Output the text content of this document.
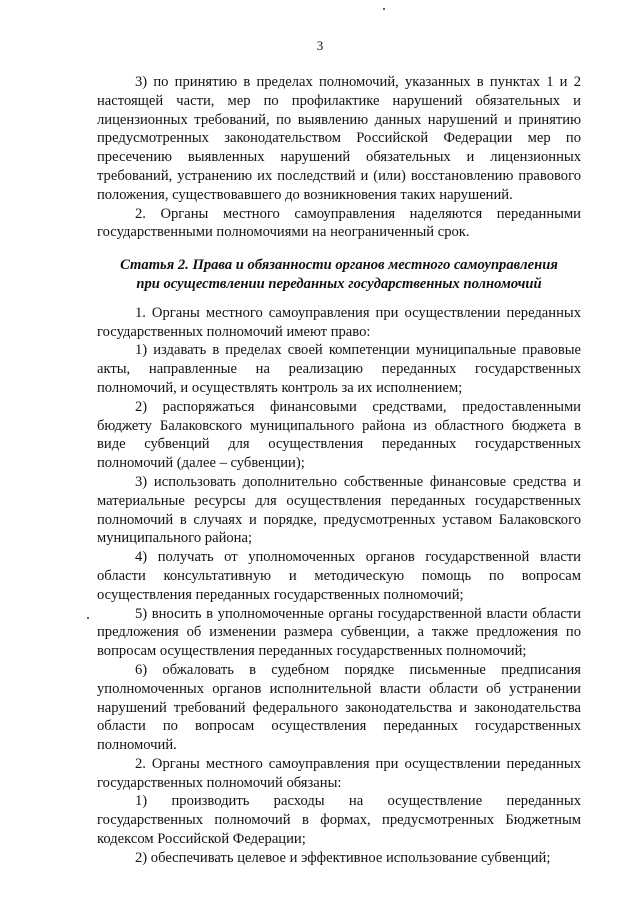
3

3) по принятию в пределах полномочий, указанных в пунктах 1 и 2 настоящей части, мер по профилактике нарушений обязательных и лицензионных требований, по выявлению данных нарушений и принятию предусмотренных законодательством Российской Федерации мер по пресечению выявленных нарушений обязательных и лицензионных требований, устранению их последствий и (или) восстановлению правового положения, существовавшего до возникновения таких нарушений.

2. Органы местного самоуправления наделяются переданными государственными полномочиями на неограниченный срок.

Статья 2. Права и обязанности органов местного самоуправления при осуществлении переданных государственных полномочий

1. Органы местного самоуправления при осуществлении переданных государственных полномочий имеют право:

1) издавать в пределах своей компетенции муниципальные правовые акты, направленные на реализацию переданных государственных полномочий, и осуществлять контроль за их исполнением;

2) распоряжаться финансовыми средствами, предоставленными бюджету Балаковского муниципального района из областного бюджета в виде субвенций для осуществления переданных государственных полномочий (далее – субвенции);

3) использовать дополнительно собственные финансовые средства и материальные ресурсы для осуществления переданных государственных полномочий в случаях и порядке, предусмотренных уставом Балаковского муниципального района;

4) получать от уполномоченных органов государственной власти области консультативную и методическую помощь по вопросам осуществления переданных государственных полномочий;

5) вносить в уполномоченные органы государственной власти области предложения об изменении размера субвенции, а также предложения по вопросам осуществления переданных государственных полномочий;

6) обжаловать в судебном порядке письменные предписания уполномоченных органов исполнительной власти области об устранении нарушений требований федерального законодательства и законодательства области по вопросам осуществления переданных государственных полномочий.

2. Органы местного самоуправления при осуществлении переданных государственных полномочий обязаны:

1) производить расходы на осуществление переданных государственных полномочий в формах, предусмотренных Бюджетным кодексом Российской Федерации;

2) обеспечивать целевое и эффективное использование субвенций;
